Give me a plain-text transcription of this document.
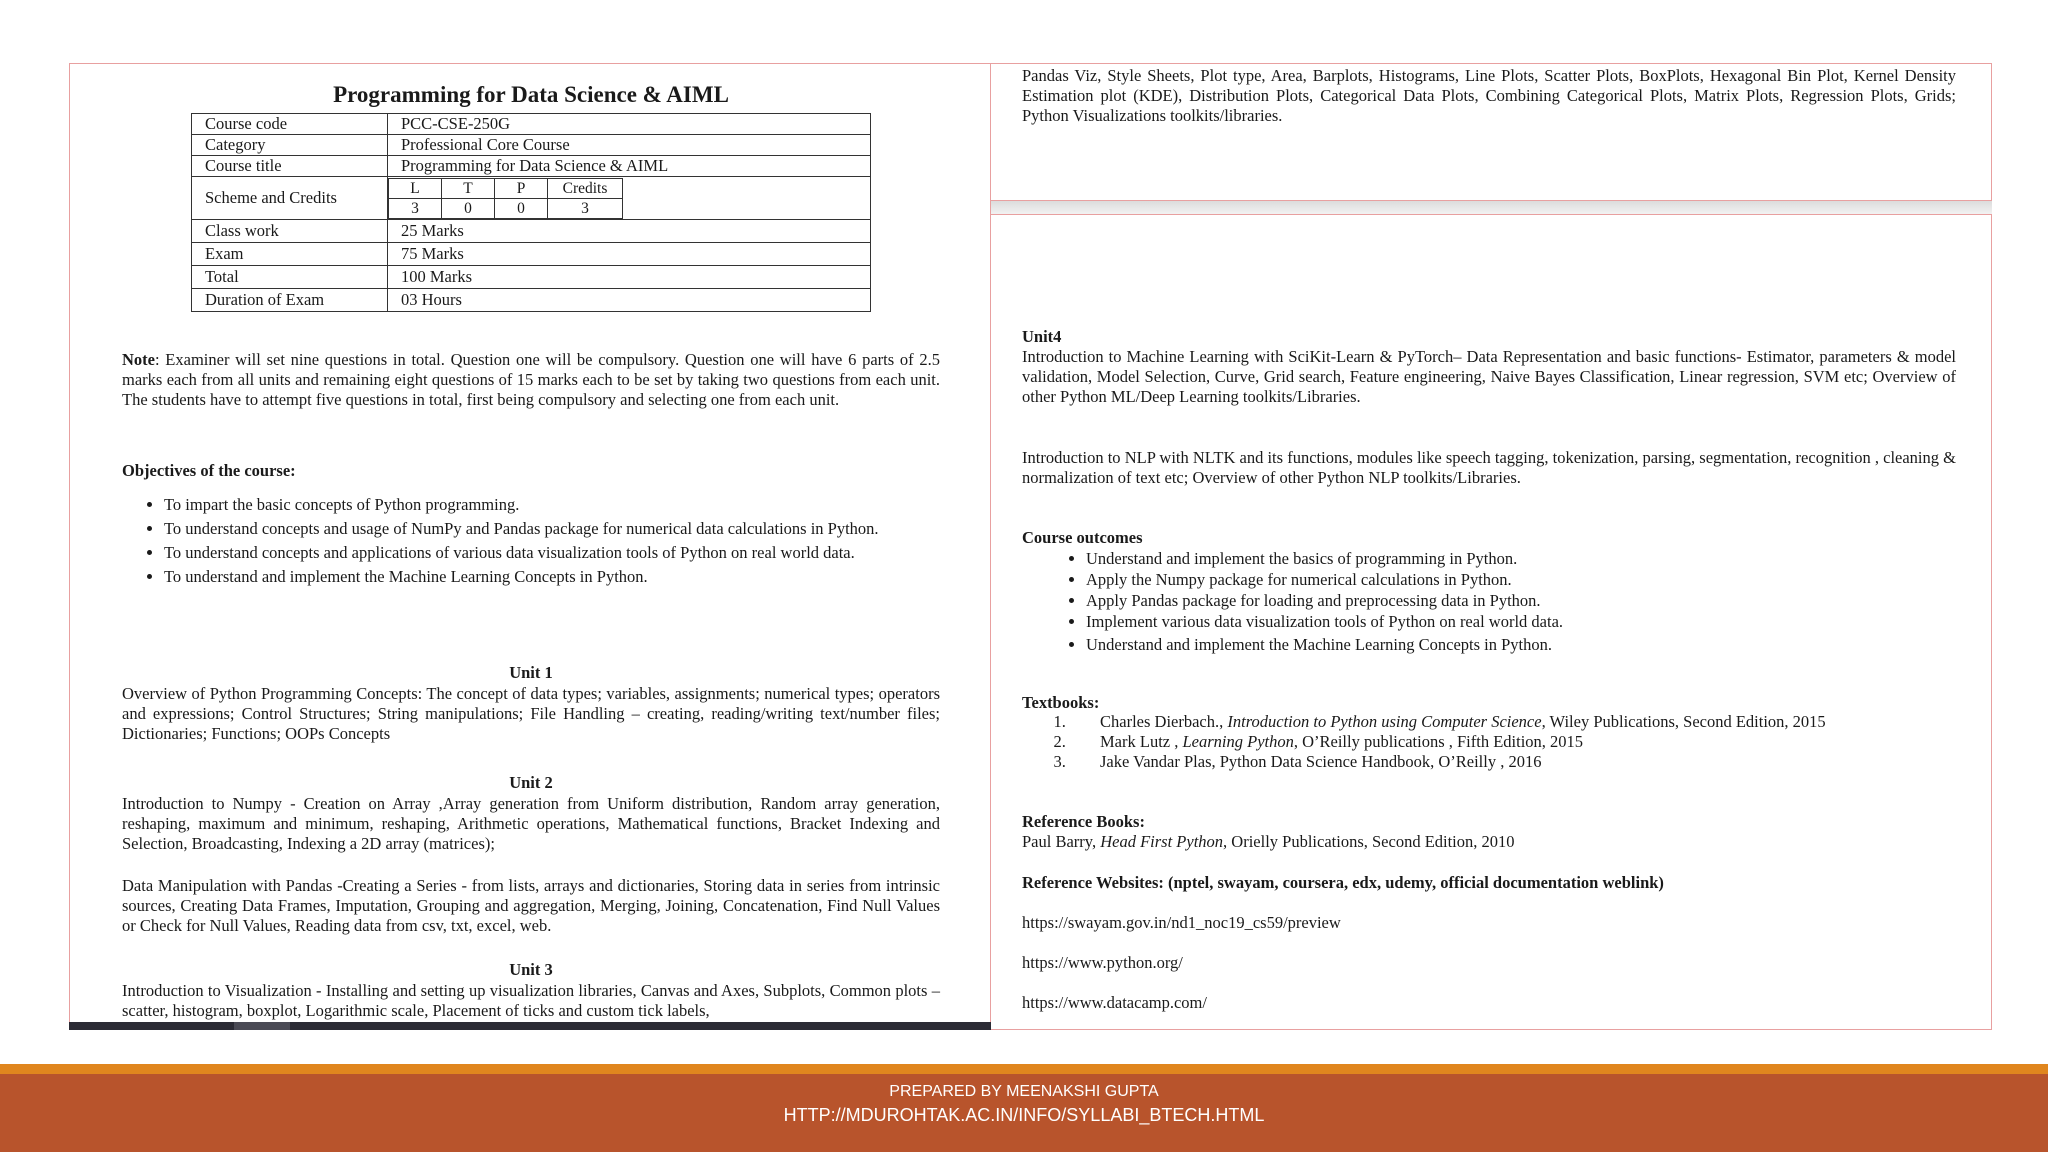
Programming for Data Science & AIML
Course code	PCC-CSE-250G
Category	Professional Core Course
Course title	Programming for Data Science & AIML
Scheme and Credits		L	T	P	Credits
3	0	0	3

Class work	25 Marks
Exam	75 Marks
Total	100 Marks
Duration of Exam	03 Hours
Note: Examiner will set nine questions in total. Question one will be compulsory. Question one will have 6 parts of 2.5 marks each from all units and remaining eight questions of 15 marks each to be set by taking two questions from each unit. The students have to attempt five questions in total, first being compulsory and selecting one from each unit.
Objectives of the course:
• To impart the basic concepts of Python programming.
• To understand concepts and usage of NumPy and Pandas package for numerical data calculations in Python.
• To understand concepts and applications of various data visualization tools of Python on real world data.
• To understand and implement the Machine Learning Concepts in Python.
Unit 1
Overview of Python Programming Concepts: The concept of data types; variables, assignments; numerical types; operators and expressions; Control Structures; String manipulations; File Handling – creating, reading/writing text/number files; Dictionaries; Functions; OOPs Concepts
Unit 2
Introduction to Numpy - Creation on Array ,Array generation from Uniform distribution, Random array generation, reshaping, maximum and minimum, reshaping, Arithmetic operations, Mathematical functions, Bracket Indexing and Selection, Broadcasting, Indexing a 2D array (matrices);
Data Manipulation with Pandas -Creating a Series - from lists, arrays and dictionaries, Storing data in series from intrinsic sources, Creating Data Frames, Imputation, Grouping and aggregation, Merging, Joining, Concatenation, Find Null Values or Check for Null Values, Reading data from csv, txt, excel, web.
Unit 3
Introduction to Visualization - Installing and setting up visualization libraries, Canvas and Axes, Subplots, Common plots – scatter, histogram, boxplot, Logarithmic scale, Placement of ticks and custom tick labels,
Pandas Viz, Style Sheets, Plot type, Area, Barplots, Histograms, Line Plots, Scatter Plots, BoxPlots, Hexagonal Bin Plot, Kernel Density Estimation plot (KDE), Distribution Plots, Categorical Data Plots, Combining Categorical Plots, Matrix Plots, Regression Plots, Grids; Python Visualizations toolkits/libraries.
Unit4
Introduction to Machine Learning with SciKit-Learn & PyTorch– Data Representation and basic functions- Estimator, parameters & model validation, Model Selection, Curve, Grid search, Feature engineering, Naive Bayes Classification, Linear regression, SVM etc; Overview of other Python ML/Deep Learning toolkits/Libraries.
Introduction to NLP with NLTK and its functions, modules like speech tagging, tokenization, parsing, segmentation, recognition , cleaning & normalization of text etc; Overview of other Python NLP toolkits/Libraries.
Course outcomes
• Understand and implement the basics of programming in Python.
• Apply the Numpy package for numerical calculations in Python.
• Apply Pandas package for loading and preprocessing data in Python.
• Implement various data visualization tools of Python on real world data.
• Understand and implement the Machine Learning Concepts in Python.
Textbooks:
1. Charles Dierbach., Introduction to Python using Computer Science, Wiley Publications, Second Edition, 2015
2. Mark Lutz , Learning Python, O’Reilly publications , Fifth Edition, 2015
3. Jake Vandar Plas, Python Data Science Handbook, O’Reilly , 2016
Reference Books:
Paul Barry, Head First Python, Orielly Publications, Second Edition, 2010
Reference Websites: (nptel, swayam, coursera, edx, udemy, official documentation weblink)
https://swayam.gov.in/nd1_noc19_cs59/preview
https://www.python.org/
https://www.datacamp.com/
PREPARED BY MEENAKSHI GUPTA
HTTP://MDUROHTAK.AC.IN/INFO/SYLLABI_BTECH.HTML
